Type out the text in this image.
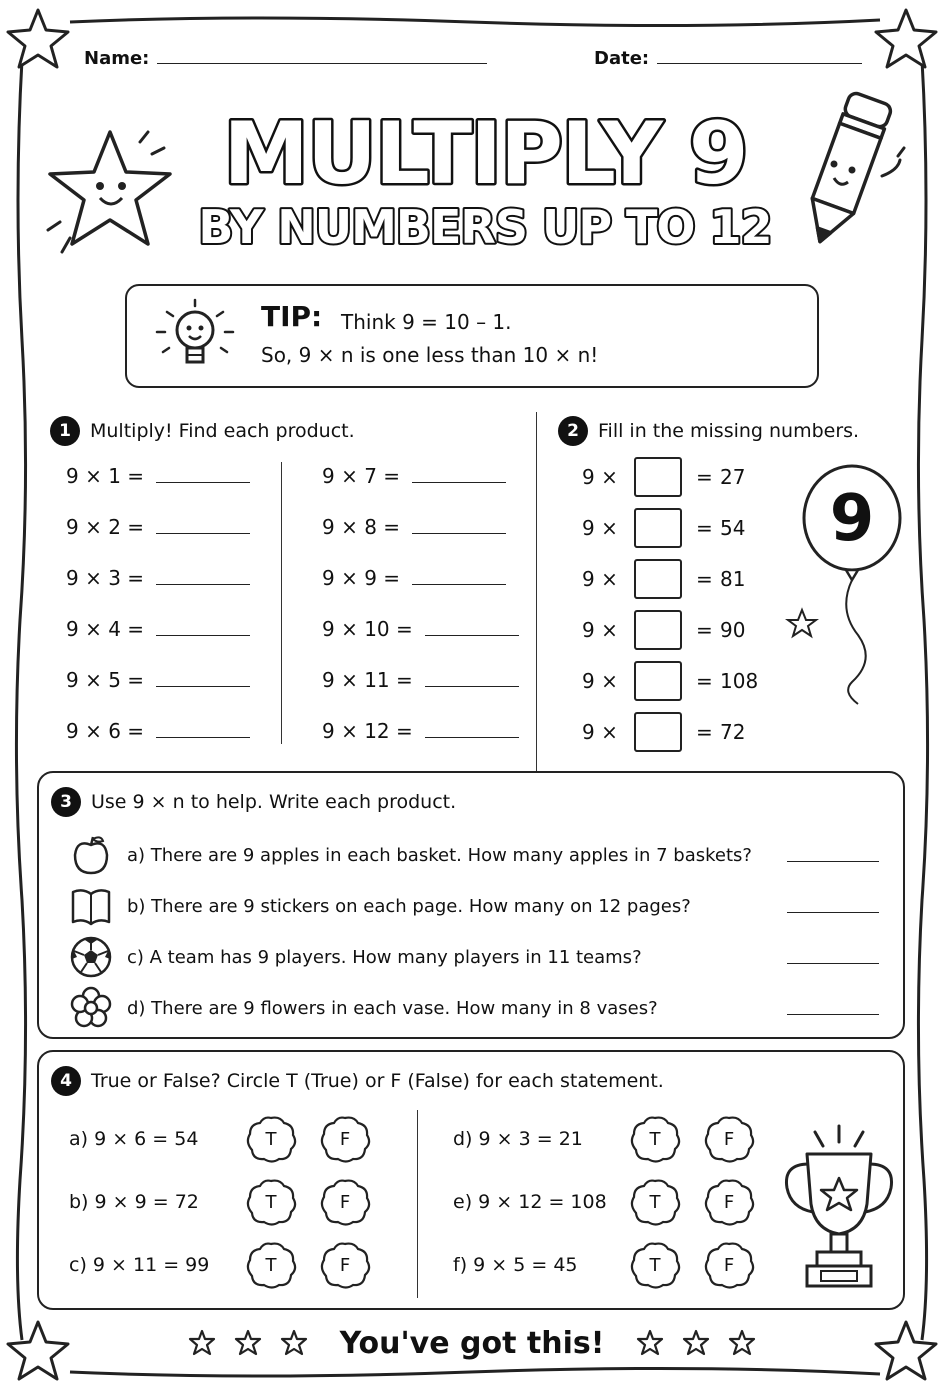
Name:	Date:
MULTIPLY 9
BY NUMBERS UP TO 12
TIP: Think 9 = 10 – 1.
So, 9 × n is one less than 10 × n!
1	Multiply! Find each product.
9 × 1 =
9 × 2 =
9 × 3 =
9 × 4 =
9 × 5 =
9 × 6 =
9 × 7 =
9 × 8 =
9 × 9 =
9 × 10 =
9 × 11 =
9 × 12 =
2	Fill in the missing numbers.
9 ×	= 27
9 ×	= 54
9 ×	= 81
9 ×	= 90
9 ×	= 108
9 ×	= 72
9
3	Use 9 × n to help. Write each product.
a) There are 9 apples in each basket. How many apples in 7 baskets?
b) There are 9 stickers on each page. How many on 12 pages?
c) A team has 9 players. How many players in 11 teams?
d) There are 9 flowers in each vase. How many in 8 vases?
4	True or False? Circle T (True) or F (False) for each statement.
a) 9 × 6 = 54	T	F
b) 9 × 9 = 72	T	F
c) 9 × 11 = 99	T	F
d) 9 × 3 = 21	T	F
e) 9 × 12 = 108	T	F
f) 9 × 5 = 45	T	F
You've got this!
